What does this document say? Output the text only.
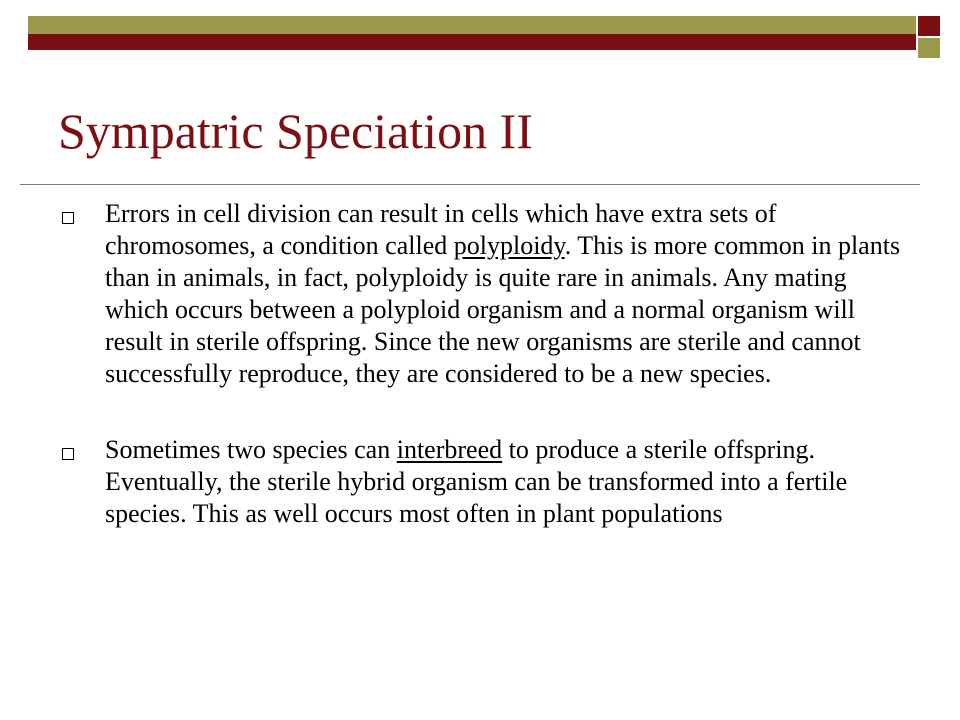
Sympatric Speciation II
Errors in cell division can result in cells which have extra sets of chromosomes, a condition called polyploidy. This is more common in plants than in animals, in fact, polyploidy is quite rare in animals. Any mating which occurs between a polyploid organism and a normal organism will result in sterile offspring. Since the new organisms are sterile and cannot successfully reproduce, they are considered to be a new species.
Sometimes two species can interbreed to produce a sterile offspring. Eventually, the sterile hybrid organism can be transformed into a fertile species. This as well occurs most often in plant populations
